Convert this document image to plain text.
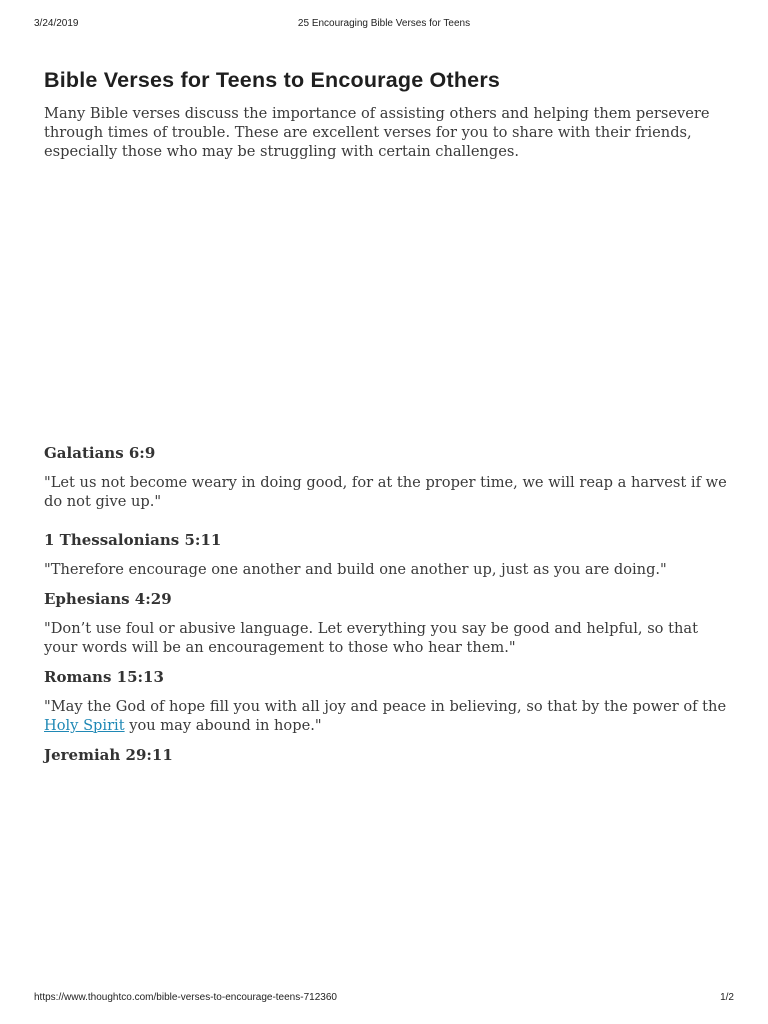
3/24/2019	25 Encouraging Bible Verses for Teens
Bible Verses for Teens to Encourage Others

Many Bible verses discuss the importance of assisting others and helping them persevere through times of trouble. These are excellent verses for you to share with their friends, especially those who may be struggling with certain challenges.

Galatians 6:9

"Let us not become weary in doing good, for at the proper time, we will reap a harvest if we do not give up."

1 Thessalonians 5:11

"Therefore encourage one another and build one another up, just as you are doing."

Ephesians 4:29

"Don’t use foul or abusive language. Let everything you say be good and helpful, so that your words will be an encouragement to those who hear them."

Romans 15:13

"May the God of hope fill you with all joy and peace in believing, so that by the power of the Holy Spirit you may abound in hope."

Jeremiah 29:11

https://www.thoughtco.com/bible-verses-to-encourage-teens-712360	1/2
